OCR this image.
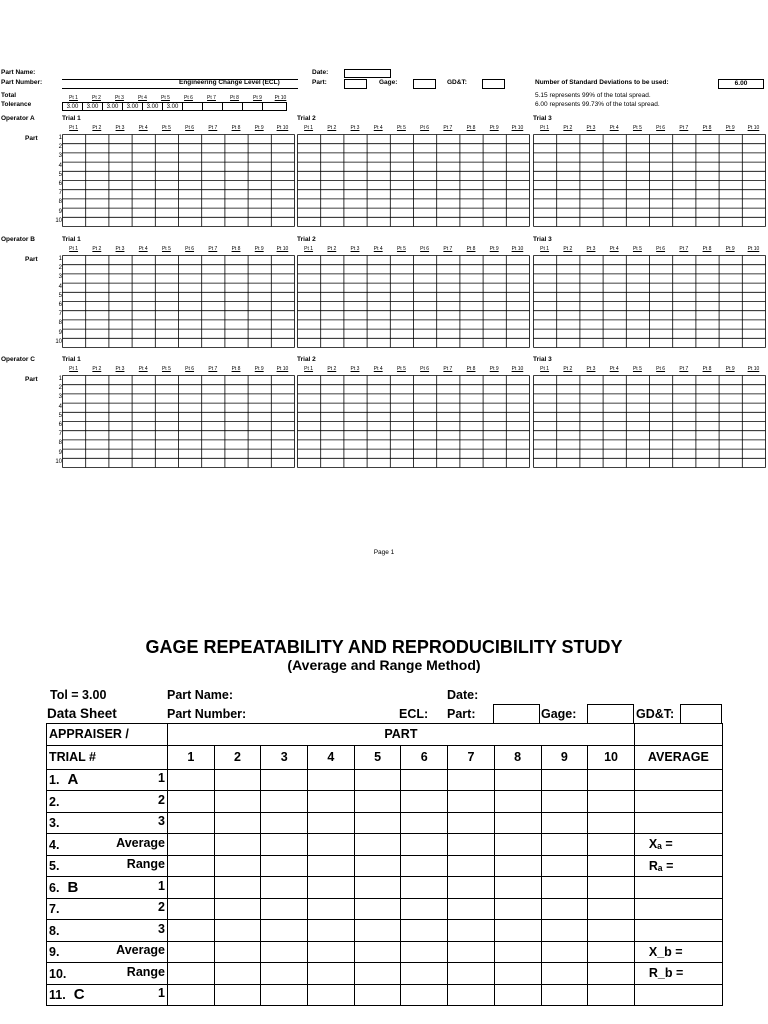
Part Name:
Part Number:	Engineering Change Level (ECL)
Date:
Part:	Gage:	GD&T:	Number of Standard Deviations to be used:	6.00
5.15 represents 99% of the total spread.
6.00 represents 99.73% of the total spread.
Total
Tolerance
Pt 1	Pt 2	Pt 3	Pt 4	Pt 5	Pt 6	Pt 7	Pt 8	Pt 9	Pt 10
3.00	3.00	3.00	3.00	3.00	3.00
Operator A
Part	1
2
3
4
5
6
7
8
9
10
Trial 1
Pt 1	Pt 2	Pt 3	Pt 4	Pt 5	Pt 6	Pt 7	Pt 8	Pt 9	Pt 10
Trial 2
Pt 1	Pt 2	Pt 3	Pt 4	Pt 5	Pt 6	Pt 7	Pt 8	Pt 9	Pt 10
Trial 3
Pt 1	Pt 2	Pt 3	Pt 4	Pt 5	Pt 6	Pt 7	Pt 8	Pt 9	Pt 10
Operator B
Part	1
2
3
4
5
6
7
8
9
10
Trial 1
Pt 1	Pt 2	Pt 3	Pt 4	Pt 5	Pt 6	Pt 7	Pt 8	Pt 9	Pt 10
Trial 2
Pt 1	Pt 2	Pt 3	Pt 4	Pt 5	Pt 6	Pt 7	Pt 8	Pt 9	Pt 10
Trial 3
Pt 1	Pt 2	Pt 3	Pt 4	Pt 5	Pt 6	Pt 7	Pt 8	Pt 9	Pt 10
Operator C
Part	1
2
3
4
5
6
7
8
9
10
Trial 1
Pt 1	Pt 2	Pt 3	Pt 4	Pt 5	Pt 6	Pt 7	Pt 8	Pt 9	Pt 10
Trial 2
Pt 1	Pt 2	Pt 3	Pt 4	Pt 5	Pt 6	Pt 7	Pt 8	Pt 9	Pt 10
Trial 3
Pt 1	Pt 2	Pt 3	Pt 4	Pt 5	Pt 6	Pt 7	Pt 8	Pt 9	Pt 10
Page 1
GAGE REPEATABILITY AND REPRODUCIBILITY STUDY
(Average and Range Method)
Tol = 3.00
Data Sheet
Part Name:
Part Number:
Date:
ECL: Part:	Gage:	GD&T:
APPRAISER /	PART										
TRIAL #	1	2	3	4	5	6	7	8	9	10	AVERAGE
1. A 1											

2. 2											

3. 3											

4. Average											Xₐ =
5. Range											Rₐ =
6. B 1											

7. 2											

8. 3											

9. Average											X_b =
10. Range											R_b =
11. C 1											
